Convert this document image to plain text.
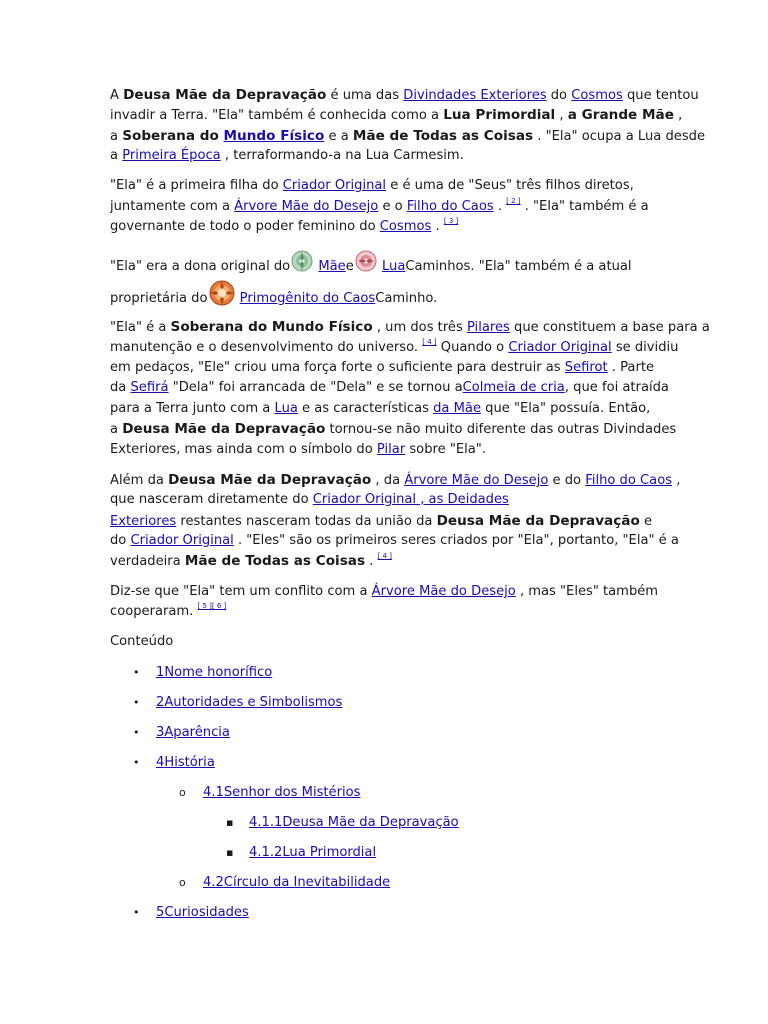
A Deusa Mãe da Depravação é uma das Divindades Exteriores do Cosmos que tentou

invadir a Terra. "Ela" também é conhecida como a Lua Primordial , a Grande Mãe ,

a Soberana do Mundo Físico e a Mãe de Todas as Coisas . "Ela" ocupa a Lua desde

a Primeira Época , terraformando-a na Lua Carmesim.

"Ela" é a primeira filha do Criador Original e é uma de "Seus" três filhos diretos,

juntamente com a Árvore Mãe do Desejo e o Filho do Caos . [ 2 ] . "Ela" também é a

governante de todo o poder feminino do Cosmos . [ 3 ]

"Ela" era a dona original do Mãee LuaCaminhos. "Ela" também é a atual

proprietária do Primogênito do CaosCaminho.

"Ela" é a Soberana do Mundo Físico , um dos três Pilares que constituem a base para a

manutenção e o desenvolvimento do universo. [ 4 ] Quando o Criador Original se dividiu

em pedaços, "Ele" criou uma força forte o suficiente para destruir as Sefirot . Parte

da Sefirá "Dela" foi arrancada de "Dela" e se tornou aColmeia de cria, que foi atraída

para a Terra junto com a Lua e as características da Mãe que "Ela" possuía. Então,

a Deusa Mãe da Depravação tornou-se não muito diferente das outras Divindades

Exteriores, mas ainda com o símbolo do Pilar sobre "Ela".

Além da Deusa Mãe da Depravação , da Árvore Mãe do Desejo e do Filho do Caos ,

que nasceram diretamente do Criador Original , as Deidades

Exteriores restantes nasceram todas da união da Deusa Mãe da Depravação e

do Criador Original . "Eles" são os primeiros seres criados por "Ela", portanto, "Ela" é a

verdadeira Mãe de Todas as Coisas . [ 4 ]

Diz-se que "Ela" tem um conflito com a Árvore Mãe do Desejo , mas "Eles" também

cooperaram. [ 5 ][ 6 ]

Conteúdo

• 1Nome honorífico
• 2Autoridades e Simbolismos
• 3Aparência
• 4História
o 4.1Senhor dos Mistérios
▪ 4.1.1Deusa Mãe da Depravação
▪ 4.1.2Lua Primordial
o 4.2Círculo da Inevitabilidade
• 5Curiosidades
